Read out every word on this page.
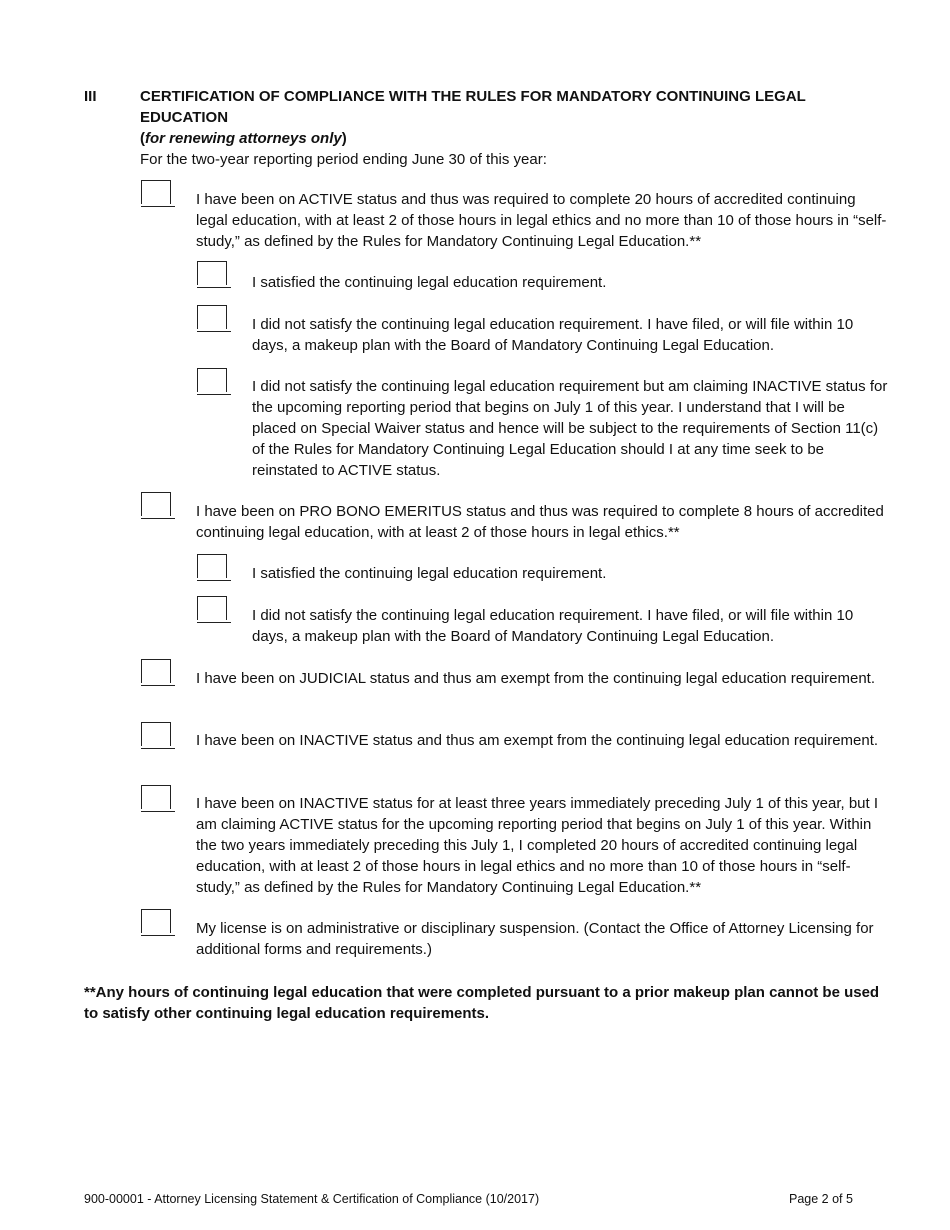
III	CERTIFICATION OF COMPLIANCE WITH THE RULES FOR MANDATORY CONTINUING LEGAL EDUCATION
(for renewing attorneys only)
For the two-year reporting period ending June 30 of this year:
I have been on ACTIVE status and thus was required to complete 20 hours of accredited continuing legal education, with at least 2 of those hours in legal ethics and no more than 10 of those hours in “self-study,” as defined by the Rules for Mandatory Continuing Legal Education.**
I satisfied the continuing legal education requirement.
I did not satisfy the continuing legal education requirement. I have filed, or will file within 10 days, a makeup plan with the Board of Mandatory Continuing Legal Education.
I did not satisfy the continuing legal education requirement but am claiming INACTIVE status for the upcoming reporting period that begins on July 1 of this year. I understand that I will be placed on Special Waiver status and hence will be subject to the requirements of Section 11(c) of the Rules for Mandatory Continuing Legal Education should I at any time seek to be reinstated to ACTIVE status.
I have been on PRO BONO EMERITUS status and thus was required to complete 8 hours of accredited continuing legal education, with at least 2 of those hours in legal ethics.**
I satisfied the continuing legal education requirement.
I did not satisfy the continuing legal education requirement. I have filed, or will file within 10 days, a makeup plan with the Board of Mandatory Continuing Legal Education.
I have been on JUDICIAL status and thus am exempt from the continuing legal education requirement.
I have been on INACTIVE status and thus am exempt from the continuing legal education requirement.
I have been on INACTIVE status for at least three years immediately preceding July 1 of this year, but I am claiming ACTIVE status for the upcoming reporting period that begins on July 1 of this year. Within the two years immediately preceding this July 1, I completed 20 hours of accredited continuing legal education, with at least 2 of those hours in legal ethics and no more than 10 of those hours in “self-study,” as defined by the Rules for Mandatory Continuing Legal Education.**
My license is on administrative or disciplinary suspension. (Contact the Office of Attorney Licensing for additional forms and requirements.)
**Any hours of continuing legal education that were completed pursuant to a prior makeup plan cannot be used to satisfy other continuing legal education requirements.
900-00001 - Attorney Licensing Statement & Certification of Compliance (10/2017)	Page 2 of 5
